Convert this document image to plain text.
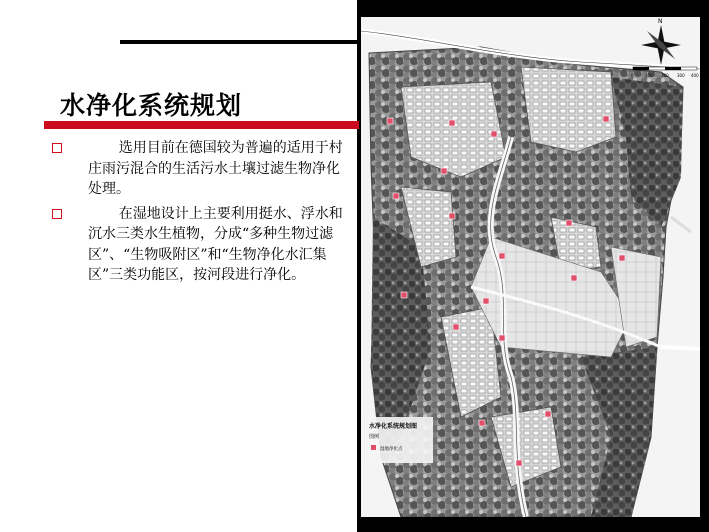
水净化系统规划
选用目前在德国较为普遍的适用于村庄雨污混合的生活污水土壤过滤生物净化处理。
在湿地设计上主要利用挺水、浮水和沉水三类水生植物，分成“多种生物过滤区”、“生物吸附区”和“生物净化水汇集区”三类功能区，按河段进行净化。
N
0	100 200 300 400
水净化系统规划图
图例
湿地净化点
